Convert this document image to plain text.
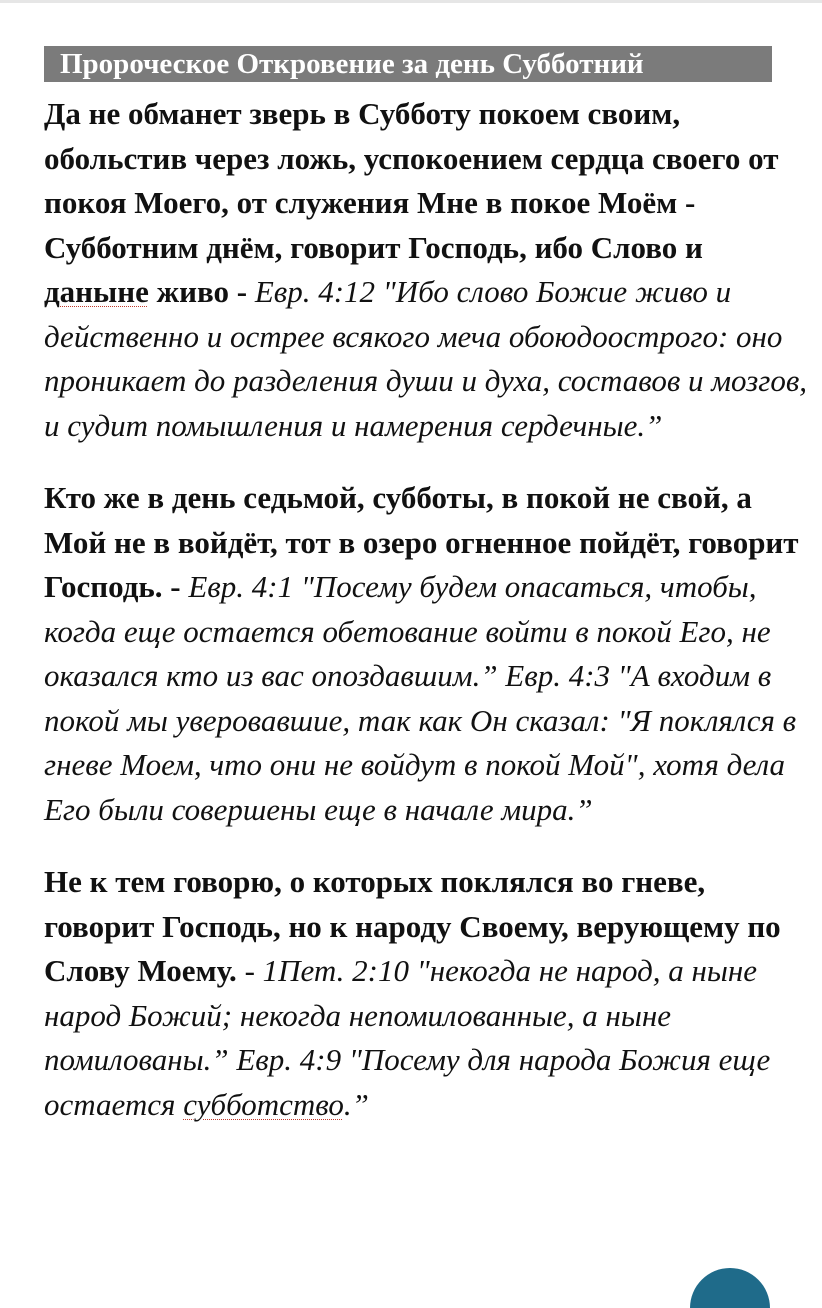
Пророческое Откровение за день Субботний

Да не обманет зверь в Субботу покоем своим, обольстив через ложь, успокоением сердца своего от покоя Моего, от служения Мне в покое Моём - Субботним днём, говорит Господь, ибо Слово и даныне живо - Евр. 4:12 "Ибо слово Божие живо и действенно и острее всякого меча обоюдоострого: оно проникает до разделения души и духа, составов и мозгов, и судит помышления и намерения сердечные.”

Кто же в день седьмой, субботы, в покой не свой, а Мой не в войдёт, тот в озеро огненное пойдёт, говорит Господь. - Евр. 4:1 "Посему будем опасаться, чтобы, когда еще остается обетование войти в покой Его, не оказался кто из вас опоздавшим.” Евр. 4:3 "А входим в покой мы уверовавшие, так как Он сказал: "Я поклялся в гневе Моем, что они не войдут в покой Мой", хотя дела Его были совершены еще в начале мира.”

Не к тем говорю, о которых поклялся во гневе, говорит Господь, но к народу Своему, верующему по Слову Моему. - 1Пет. 2:10 "некогда не народ, а ныне народ Божий; некогда непомилованные, а ныне помилованы.” Евр. 4:9 "Посему для народа Божия еще остается субботство.”
